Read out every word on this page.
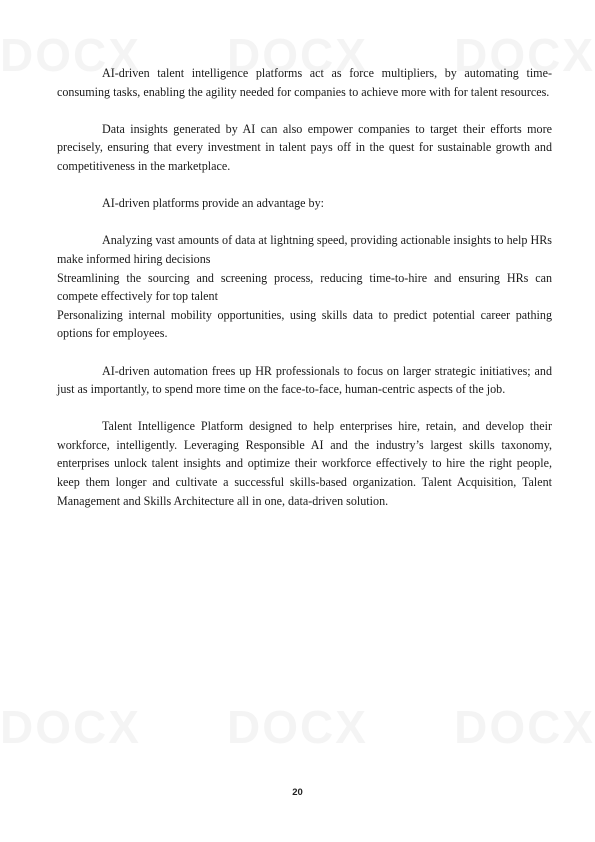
AI-driven talent intelligence platforms act as force multipliers, by automating time-consuming tasks, enabling the agility needed for companies to achieve more with for talent resources.

Data insights generated by AI can also empower companies to target their efforts more precisely, ensuring that every investment in talent pays off in the quest for sustainable growth and competitiveness in the marketplace.

AI-driven platforms provide an advantage by:

Analyzing vast amounts of data at lightning speed, providing actionable insights to help HRs make informed hiring decisions

Streamlining the sourcing and screening process, reducing time-to-hire and ensuring HRs can compete effectively for top talent

Personalizing internal mobility opportunities, using skills data to predict potential career pathing options for employees.

AI-driven automation frees up HR professionals to focus on larger strategic initiatives; and just as importantly, to spend more time on the face-to-face, human-centric aspects of the job.

Talent Intelligence Platform designed to help enterprises hire, retain, and develop their workforce, intelligently. Leveraging Responsible AI and the industry’s largest skills taxonomy, enterprises unlock talent insights and optimize their workforce effectively to hire the right people, keep them longer and cultivate a successful skills-based organization. Talent Acquisition, Talent Management and Skills Architecture all in one, data-driven solution.

20
